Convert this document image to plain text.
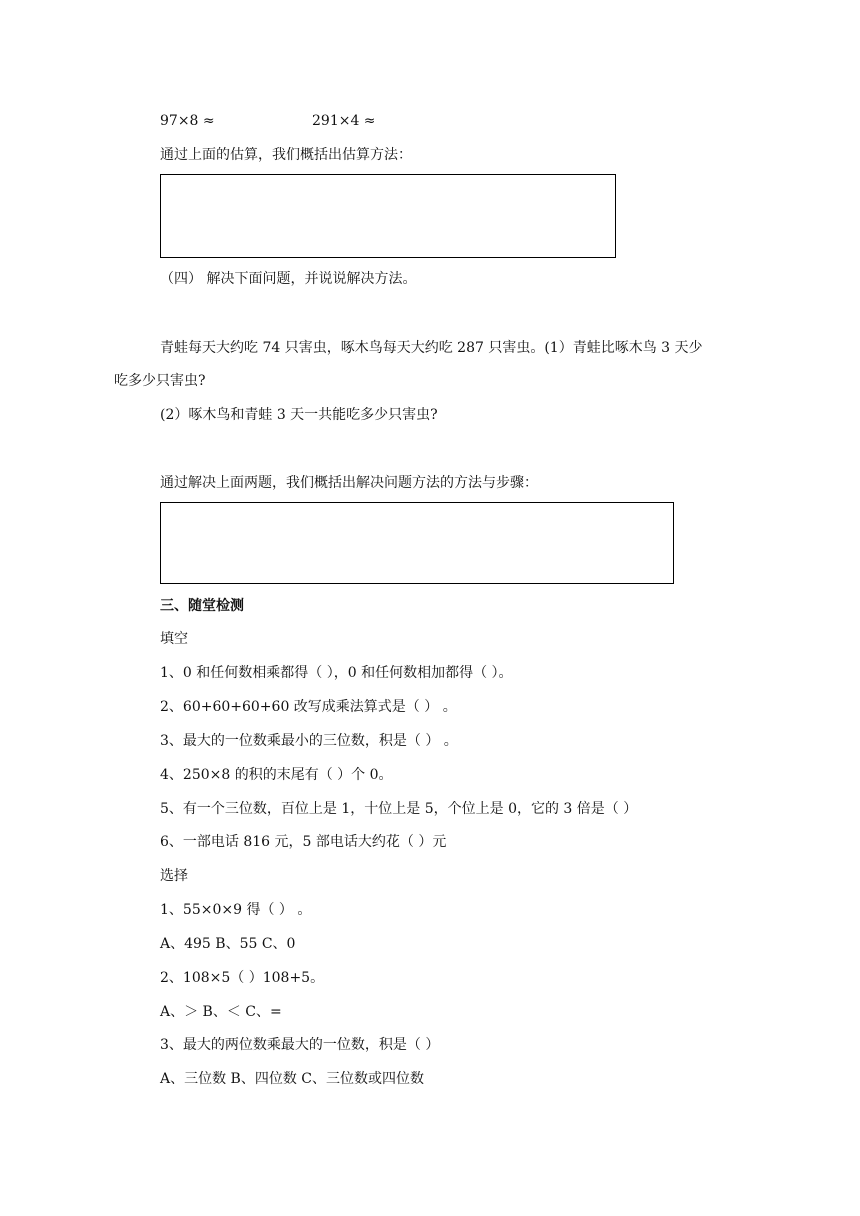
97×8 ≈	291×4 ≈
通过上面的估算，我们概括出估算方法：
（四） 解决下面问题，并说说解决方法。
青蛙每天大约吃 74 只害虫，啄木鸟每天大约吃 287 只害虫。(1）青蛙比啄木鸟 3 天少
吃多少只害虫?
(2）啄木鸟和青蛙 3 天一共能吃多少只害虫?
通过解决上面两题，我们概括出解决问题方法的方法与步骤：
三、随堂检测
填空
1、0 和任何数相乘都得（ ），0 和任何数相加都得（ ）。
2、60+60+60+60 改写成乘法算式是（ ） 。
3、最大的一位数乘最小的三位数，积是（ ） 。
4、250×8 的积的末尾有（ ）个 0。
5、有一个三位数，百位上是 1，十位上是 5，个位上是 0，它的 3 倍是（ ）
6、一部电话 816 元，5 部电话大约花（ ）元
选择
1、55×0×9 得（ ） 。
A、495 B、55 C、0
2、108×5（ ）108+5。
A、＞ B、＜ C、=
3、最大的两位数乘最大的一位数，积是（ ）
A、三位数 B、四位数 C、三位数或四位数
